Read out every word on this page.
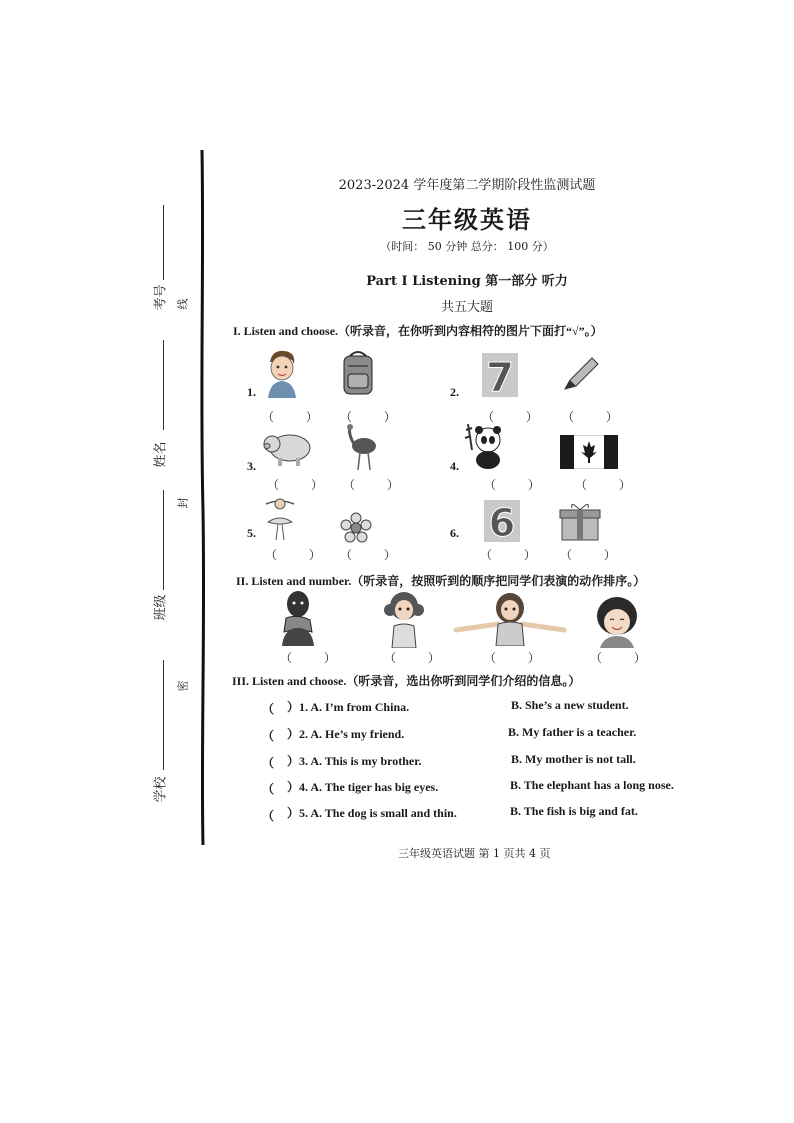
考号 线
姓名
封
班级
密
学校
2023-2024 学年度第二学期阶段性监测试题
三年级英语
（时间： 50 分钟 总分： 100 分）
Part I Listening 第一部分 听力
共五大题
I. Listen and choose.（听录音，在你听到内容相符的图片下面打“√”。）
1.
（ ） （ ）
2. 7
（ ） （ ）
3.
（ ） （ ）
4.
（ ） （ ）
5.
（ ） （ ）
6. 6
（ ） （ ）
II. Listen and number.（听录音，按照听到的顺序把同学们表演的动作排序。）
（ ）	（ ）	（ ）	（ ）
III. Listen and choose.（听录音，选出你听到同学们介绍的信息。）
（ ）1. A. I’m from China.	B. She’s a new student.
（ ）2. A. He’s my friend.	B. My father is a teacher.
（ ）3. A. This is my brother.	B. My mother is not tall.
（ ）4. A. The tiger has big eyes.	B. The elephant has a long nose.
（ ）5. A. The dog is small and thin.	B. The fish is big and fat.
三年级英语试题 第 1 页共 4 页
